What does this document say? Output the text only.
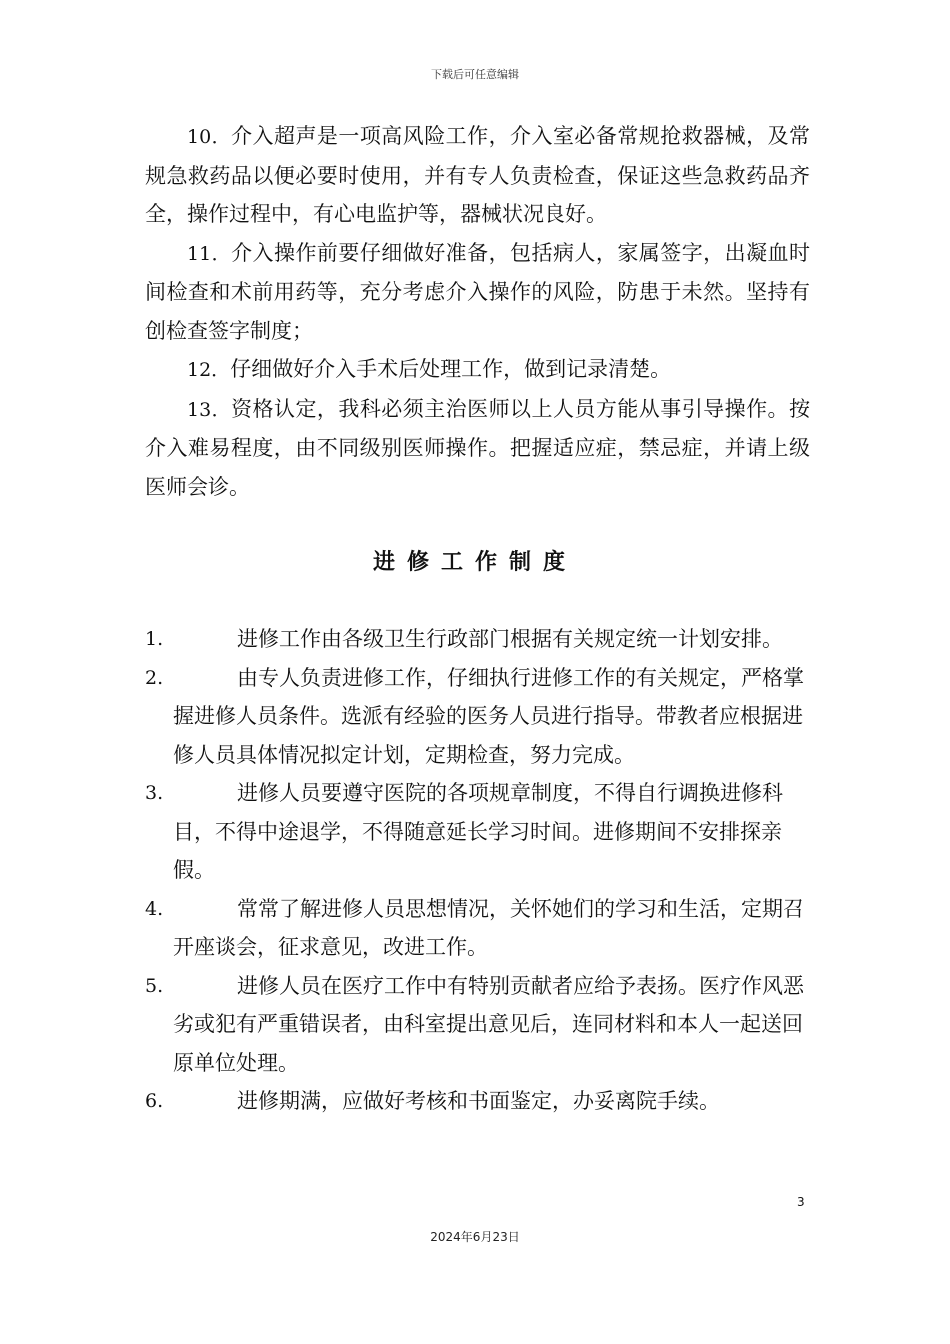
下载后可任意编辑

10．介入超声是一项高风险工作，介入室必备常规抢救器械，及常规急救药品以便必要时使用，并有专人负责检查，保证这些急救药品齐全，操作过程中，有心电监护等，器械状况良好。

11．介入操作前要仔细做好准备，包括病人，家属签字，出凝血时间检查和术前用药等，充分考虑介入操作的风险，防患于未然。坚持有创检查签字制度；

12．仔细做好介入手术后处理工作，做到记录清楚。

13．资格认定，我科必须主治医师以上人员方能从事引导操作。按介入难易程度，由不同级别医师操作。把握适应症，禁忌症，并请上级医师会诊。

进修工作制度

1.	进修工作由各级卫生行政部门根据有关规定统一计划安排。

2.	由专人负责进修工作，仔细执行进修工作的有关规定，严格掌握进修人员条件。选派有经验的医务人员进行指导。带教者应根据进修人员具体情况拟定计划，定期检查，努力完成。

3.	进修人员要遵守医院的各项规章制度，不得自行调换进修科目，不得中途退学，不得随意延长学习时间。进修期间不安排探亲假。

4.	常常了解进修人员思想情况，关怀她们的学习和生活，定期召开座谈会，征求意见，改进工作。

5.	进修人员在医疗工作中有特别贡献者应给予表扬。医疗作风恶劣或犯有严重错误者，由科室提出意见后，连同材料和本人一起送回原单位处理。

6.	进修期满，应做好考核和书面鉴定，办妥离院手续。

3
2024年6月23日
